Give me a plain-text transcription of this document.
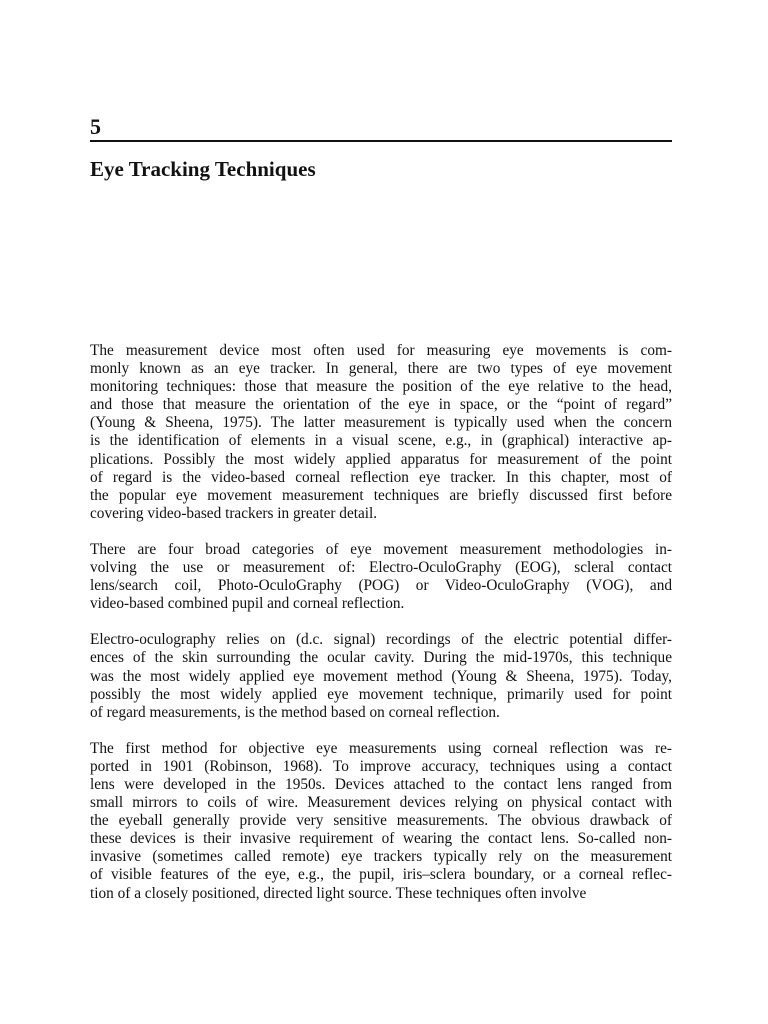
5
Eye Tracking Techniques
The measurement device most often used for measuring eye movements is com-
monly known as an eye tracker. In general, there are two types of eye movement
monitoring techniques: those that measure the position of the eye relative to the head,
and those that measure the orientation of the eye in space, or the “point of regard”
(Young & Sheena, 1975). The latter measurement is typically used when the concern
is the identification of elements in a visual scene, e.g., in (graphical) interactive ap-
plications. Possibly the most widely applied apparatus for measurement of the point
of regard is the video-based corneal reflection eye tracker. In this chapter, most of
the popular eye movement measurement techniques are briefly discussed first before
covering video-based trackers in greater detail.
There are four broad categories of eye movement measurement methodologies in-
volving the use or measurement of: Electro-OculoGraphy (EOG), scleral contact
lens/search coil, Photo-OculoGraphy (POG) or Video-OculoGraphy (VOG), and
video-based combined pupil and corneal reflection.
Electro-oculography relies on (d.c. signal) recordings of the electric potential differ-
ences of the skin surrounding the ocular cavity. During the mid-1970s, this technique
was the most widely applied eye movement method (Young & Sheena, 1975). Today,
possibly the most widely applied eye movement technique, primarily used for point
of regard measurements, is the method based on corneal reflection.
The first method for objective eye measurements using corneal reflection was re-
ported in 1901 (Robinson, 1968). To improve accuracy, techniques using a contact
lens were developed in the 1950s. Devices attached to the contact lens ranged from
small mirrors to coils of wire. Measurement devices relying on physical contact with
the eyeball generally provide very sensitive measurements. The obvious drawback of
these devices is their invasive requirement of wearing the contact lens. So-called non-
invasive (sometimes called remote) eye trackers typically rely on the measurement
of visible features of the eye, e.g., the pupil, iris–sclera boundary, or a corneal reflec-
tion of a closely positioned, directed light source. These techniques often involve
